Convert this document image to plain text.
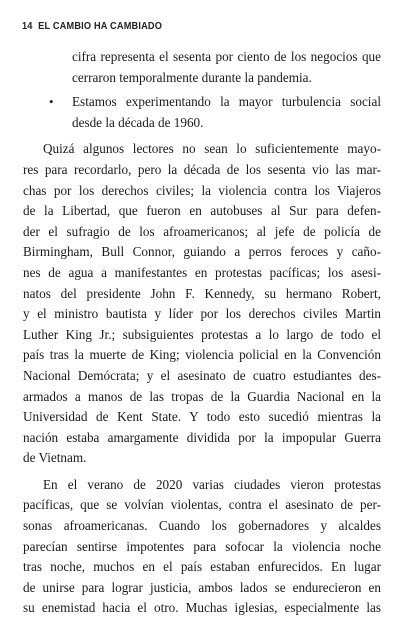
14 EL CAMBIO HA CAMBIADO
cifra representa el sesenta por ciento de los negocios que
cerraron temporalmente durante la pandemia.
•	Estamos experimentando la mayor turbulencia social
desde la década de 1960.
Quizá algunos lectores no sean lo suficientemente mayo-
res para recordarlo, pero la década de los sesenta vio las mar-
chas por los derechos civiles; la violencia contra los Viajeros
de la Libertad, que fueron en autobuses al Sur para defen-
der el sufragio de los afroamericanos; al jefe de policía de
Birmingham, Bull Connor, guiando a perros feroces y caño-
nes de agua a manifestantes en protestas pacíficas; los asesi-
natos del presidente John F. Kennedy, su hermano Robert,
y el ministro bautista y líder por los derechos civiles Martin
Luther King Jr.; subsiguientes protestas a lo largo de todo el
país tras la muerte de King; violencia policial en la Convención
Nacional Demócrata; y el asesinato de cuatro estudiantes des-
armados a manos de las tropas de la Guardia Nacional en la
Universidad de Kent State. Y todo esto sucedió mientras la
nación estaba amargamente dividida por la impopular Guerra
de Vietnam.
En el verano de 2020 varias ciudades vieron protestas
pacíficas, que se volvían violentas, contra el asesinato de per-
sonas afroamericanas. Cuando los gobernadores y alcaldes
parecían sentirse impotentes para sofocar la violencia noche
tras noche, muchos en el país estaban enfurecidos. En lugar
de unirse para lograr justicia, ambos lados se endurecieron en
su enemistad hacia el otro. Muchas iglesias, especialmente las
